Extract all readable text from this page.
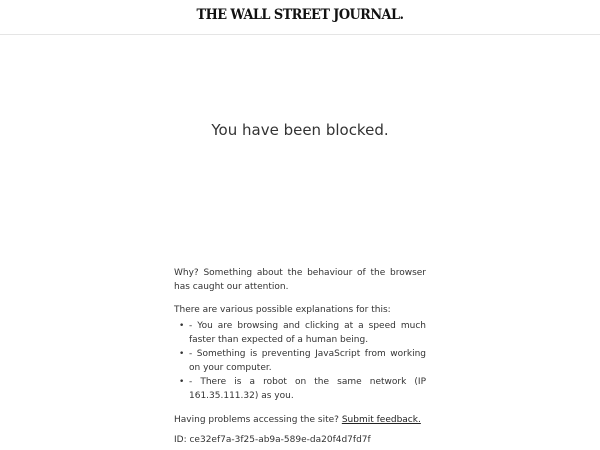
THE WALL STREET JOURNAL.
You have been blocked.

Why? Something about the behaviour of the browser has caught our attention.

There are various possible explanations for this:

• - You are browsing and clicking at a speed much faster than expected of a human being.
• - Something is preventing JavaScript from working on your computer.
• - There is a robot on the same network (IP 161.35.111.32) as you.

Having problems accessing the site? Submit feedback.

ID: ce32ef7a-3f25-ab9a-589e-da20f4d7fd7f
